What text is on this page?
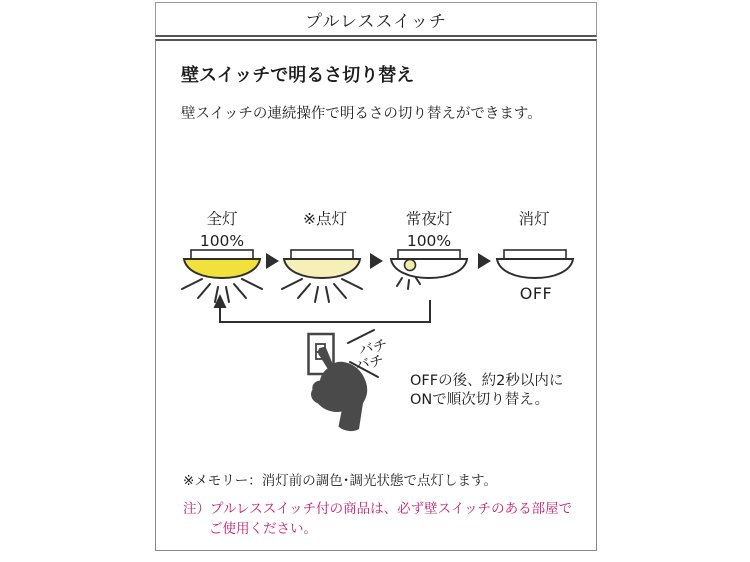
プルレススイッチ
壁スイッチで明るさ切り替え
壁スイッチの連続操作で明るさの切り替えができます。
全灯
100%
※点灯	常夜灯
100%
消灯
OFF
バチ
バチ
OFFの後、約2秒以内に
ONで順次切り替え。
※メモリー：消灯前の調色･調光状態で点灯します。
注）プルレススイッチ付の商品は、必ず壁スイッチのある部屋で
ご使用ください。
